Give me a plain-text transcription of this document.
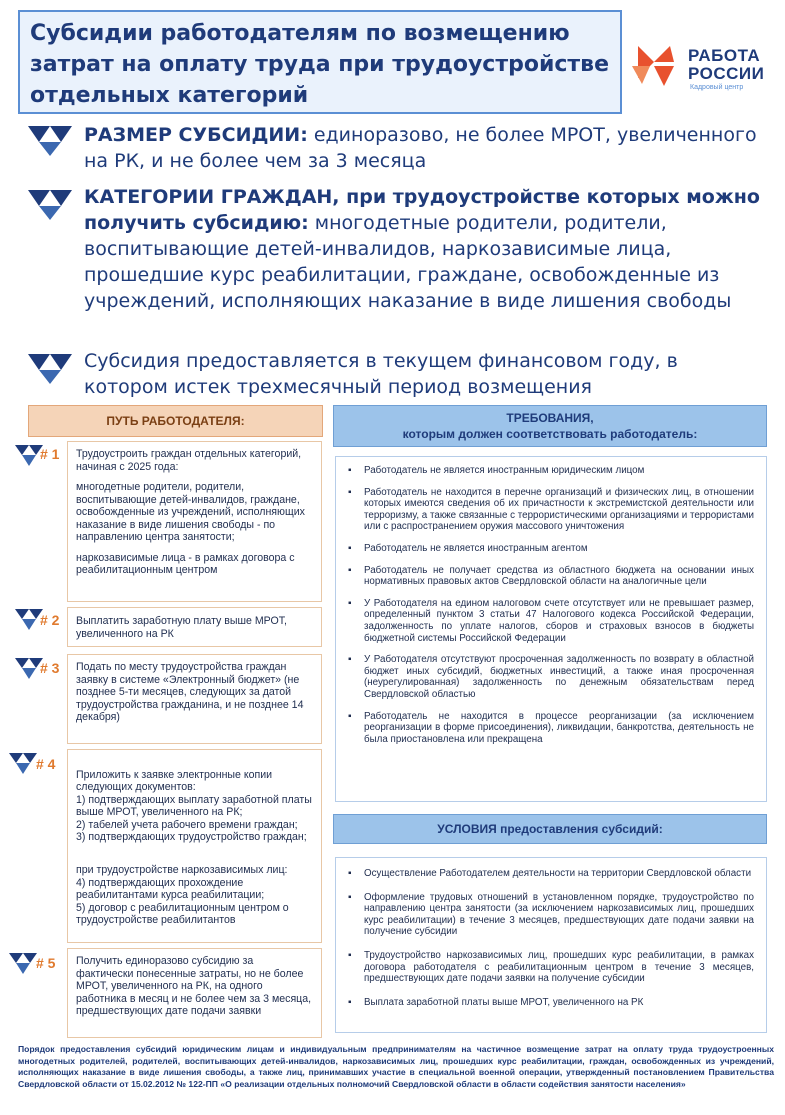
Субсидии работодателям по возмещению затрат на оплату труда при трудоустройстве отдельных категорий
РАБОТА
РОССИИ
Кадровый центр
РАЗМЕР СУБСИДИИ: единоразово, не более МРОТ, увеличенного на РК, и не более чем за 3 месяца
КАТЕГОРИИ ГРАЖДАН, при трудоустройстве которых можно получить субсидию: многодетные родители, родители, воспитывающие детей-инвалидов, наркозависимые лица, прошедшие курс реабилитации, граждане, освобожденные из учреждений, исполняющих наказание в виде лишения свободы
Субсидия предоставляется в текущем финансовом году, в котором истек трехмесячный период возмещения
ПУТЬ РАБОТОДАТЕЛЯ:
# 1 Трудоустроить граждан отдельных категорий, начиная с 2025 года:

многодетные родители, родители, воспитывающие детей-инвалидов, граждане, освобожденные из учреждений, исполняющих наказание в виде лишения свободы - по направлению центра занятости;

наркозависимые лица - в рамках договора с реабилитационным центром

# 2 Выплатить заработную плату выше МРОТ, увеличенного на РК

# 3 Подать по месту трудоустройства граждан заявку в системе «Электронный бюджет» (не позднее 5-ти месяцев, следующих за датой трудоустройства гражданина, и не позднее 14 декабря)

# 4

Приложить к заявке электронные копии следующих документов:
1) подтверждающих выплату заработной платы выше МРОТ, увеличенного на РК;
2) табелей учета рабочего времени граждан;
3) подтверждающих трудоустройство граждан;

при трудоустройстве наркозависимых лиц:
4) подтверждающих прохождение реабилитантами курса реабилитации;
5) договор с реабилитационным центром о трудоустройстве реабилитантов

# 5 Получить единоразово субсидию за фактически понесенные затраты, но не более МРОТ, увеличенного на РК, на одного работника в месяц и не более чем за 3 месяца, предшествующих дате подачи заявки

ТРЕБОВАНИЯ,
которым должен соответствовать работодатель:
▪ Работодатель не является иностранным юридическим лицом
▪ Работодатель не находится в перечне организаций и физических лиц, в отношении которых имеются сведения об их причастности к экстремистской деятельности или терроризму, а также связанные с террористическими организациями и террористами или с распространением оружия массового уничтожения
▪ Работодатель не является иностранным агентом
▪ Работодатель не получает средства из областного бюджета на основании иных нормативных правовых актов Свердловской области на аналогичные цели
▪ У Работодателя на едином налоговом счете отсутствует или не превышает размер, определенный пунктом 3 статьи 47 Налогового кодекса Российской Федерации, задолженность по уплате налогов, сборов и страховых взносов в бюджеты бюджетной системы Российской Федерации
▪ У Работодателя отсутствуют просроченная задолженность по возврату в областной бюджет иных субсидий, бюджетных инвестиций, а также иная просроченная (неурегулированная) задолженность по денежным обязательствам перед Свердловской областью
▪ Работодатель не находится в процессе реорганизации (за исключением реорганизации в форме присоединения), ликвидации, банкротства, деятельность не была приостановлена или прекращена
УСЛОВИЯ предоставления субсидий:
▪ Осуществление Работодателем деятельности на территории Свердловской области
▪ Оформление трудовых отношений в установленном порядке, трудоустройство по направлению центра занятости (за исключением наркозависимых лиц, прошедших курс реабилитации) в течение 3 месяцев, предшествующих дате подачи заявки на получение субсидии
▪ Трудоустройство наркозависимых лиц, прошедших курс реабилитации, в рамках договора работодателя с реабилитационным центром в течение 3 месяцев, предшествующих дате подачи заявки на получение субсидии
▪ Выплата заработной платы выше МРОТ, увеличенного на РК
Порядок предоставления субсидий юридическим лицам и индивидуальным предпринимателям на частичное возмещение затрат на оплату труда трудоустроенных многодетных родителей, родителей, воспитывающих детей-инвалидов, наркозависимых лиц, прошедших курс реабилитации, граждан, освобожденных из учреждений, исполняющих наказание в виде лишения свободы, а также лиц, принимавших участие в специальной военной операции, утвержденный постановлением Правительства Свердловской области от 15.02.2012 № 122-ПП «О реализации отдельных полномочий Свердловской области в области содействия занятости населения»
